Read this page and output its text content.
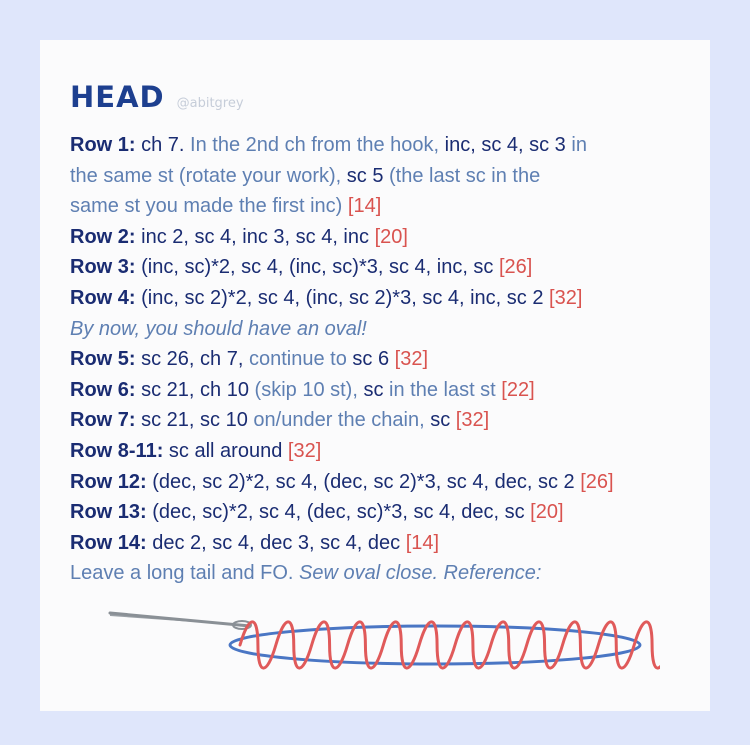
HEAD @abitgrey
Row 1: ch 7. In the 2nd ch from the hook, inc, sc 4, sc 3 in
the same st (rotate your work), sc 5 (the last sc in the
same st you made the first inc) [14]
Row 2: inc 2, sc 4, inc 3, sc 4, inc [20]
Row 3: (inc, sc)*2, sc 4, (inc, sc)*3, sc 4, inc, sc [26]
Row 4: (inc, sc 2)*2, sc 4, (inc, sc 2)*3, sc 4, inc, sc 2 [32]
By now, you should have an oval!
Row 5: sc 26, ch 7, continue to sc 6 [32]
Row 6: sc 21, ch 10 (skip 10 st), sc in the last st [22]
Row 7: sc 21, sc 10 on/under the chain, sc [32]
Row 8-11: sc all around [32]
Row 12: (dec, sc 2)*2, sc 4, (dec, sc 2)*3, sc 4, dec, sc 2 [26]
Row 13: (dec, sc)*2, sc 4, (dec, sc)*3, sc 4, dec, sc [20]
Row 14: dec 2, sc 4, dec 3, sc 4, dec [14]
Leave a long tail and FO. Sew oval close. Reference:
